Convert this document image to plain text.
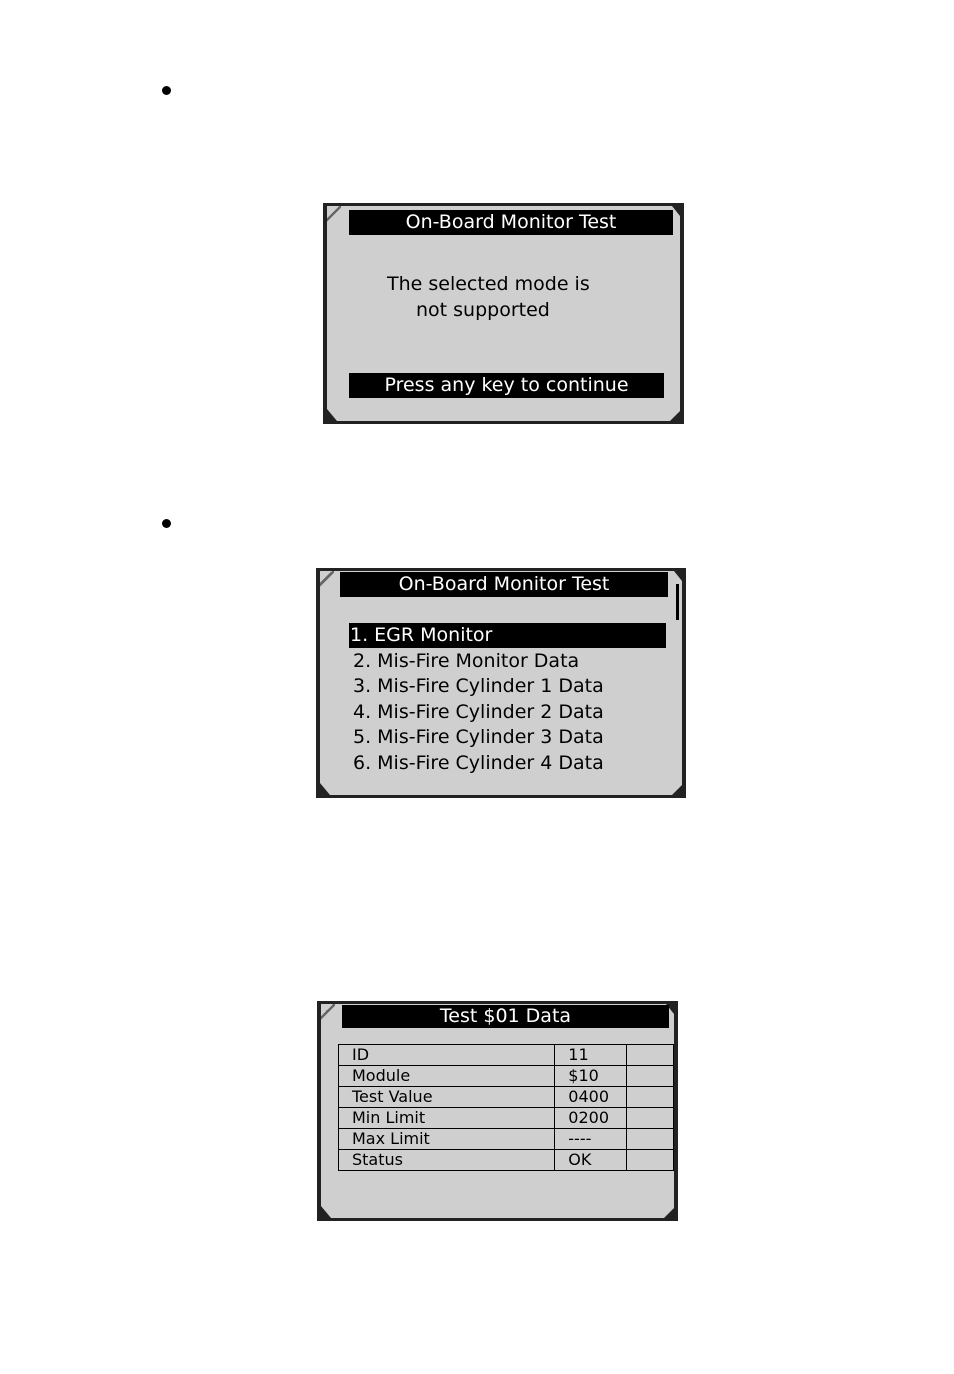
On-Board Monitor Test
The selected mode is
not supported
Press any key to continue
On-Board Monitor Test
1. EGR Monitor
2. Mis-Fire Monitor Data
3. Mis-Fire Cylinder 1 Data
4. Mis-Fire Cylinder 2 Data
5. Mis-Fire Cylinder 3 Data
6. Mis-Fire Cylinder 4 Data
Test $01 Data
ID	11	
Module	$10	
Test Value	0400	
Min Limit	0200	
Max Limit	----	
Status	OK	
